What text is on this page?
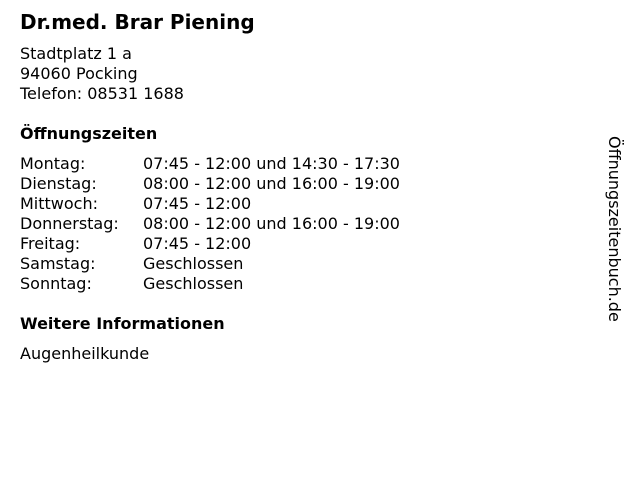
Dr.med. Brar Piening
Stadtplatz 1 a
94060 Pocking
Telefon: 08531 1688
Öffnungszeiten
Montag:	07:45 - 12:00 und 14:30 - 17:30
Dienstag:	08:00 - 12:00 und 16:00 - 19:00
Mittwoch:	07:45 - 12:00
Donnerstag:	08:00 - 12:00 und 16:00 - 19:00
Freitag:	07:45 - 12:00
Samstag:	Geschlossen
Sonntag:	Geschlossen
Weitere Informationen
Augenheilkunde
Öffnungszeitenbuch.de
